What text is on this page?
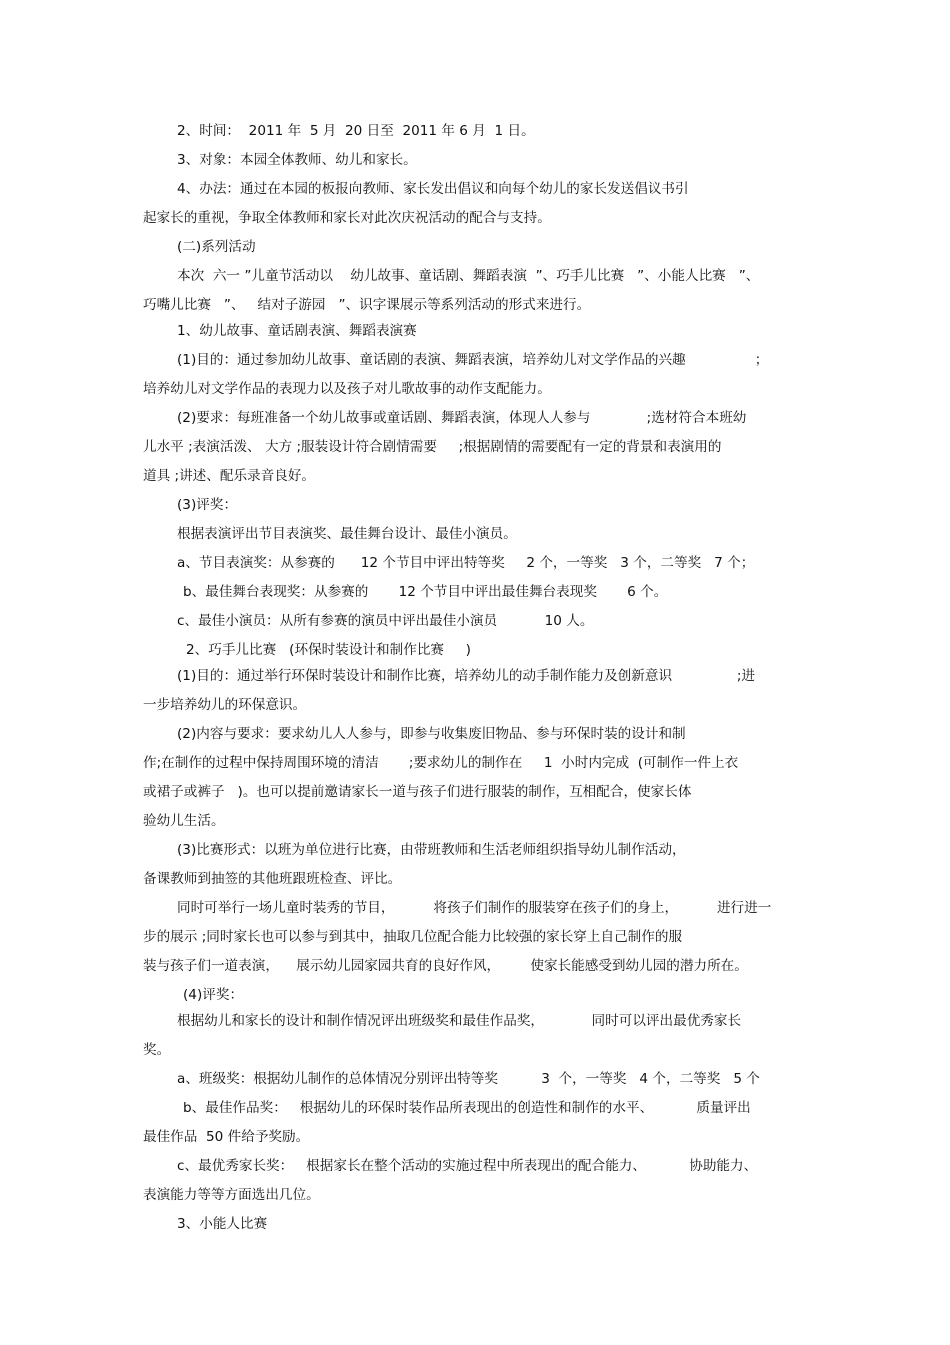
2、时间：  2011 年  5 月  20 日至  2011 年 6 月  1 日。
3、对象：本园全体教师、幼儿和家长。
4、办法：通过在本园的板报向教师、家长发出倡议和向每个幼儿的家长发送倡议书引
起家长的重视，争取全体教师和家长对此次庆祝活动的配合与支持。
(二)系列活动
本次  六一 ”儿童节活动以    幼儿故事、童话剧、舞蹈表演  ”、巧手儿比赛   ”、小能人比赛   ”、
巧嘴儿比赛   ”、   结对子游园   ”、识字课展示等系列活动的形式来进行。
1、幼儿故事、童话剧表演、舞蹈表演赛
(1)目的：通过参加幼儿故事、童话剧的表演、舞蹈表演，培养幼儿对文学作品的兴趣                ；
培养幼儿对文学作品的表现力以及孩子对儿歌故事的动作支配能力。
(2)要求：每班准备一个幼儿故事或童话剧、舞蹈表演，体现人人参与             ;选材符合本班幼
儿水平 ;表演活泼、 大方 ;服装设计符合剧情需要     ;根据剧情的需要配有一定的背景和表演用的
道具 ;讲述、配乐录音良好。
(3)评奖：
根据表演评出节目表演奖、最佳舞台设计、最佳小演员。
a、节目表演奖：从参赛的      12 个节目中评出特等奖     2 个，一等奖   3 个，二等奖   7 个；
b、最佳舞台表现奖：从参赛的       12 个节目中评出最佳舞台表现奖       6 个。
c、最佳小演员：从所有参赛的演员中评出最佳小演员           10 人。
2、巧手儿比赛   (环保时装设计和制作比赛     )
(1)目的：通过举行环保时装设计和制作比赛，培养幼儿的动手制作能力及创新意识               ;进
一步培养幼儿的环保意识。
(2)内容与要求：要求幼儿人人参与，即参与收集废旧物品、参与环保时装的设计和制
作;在制作的过程中保持周围环境的清洁       ;要求幼儿的制作在     1  小时内完成  (可制作一件上衣
或裙子或裤子   )。也可以提前邀请家长一道与孩子们进行服装的制作，互相配合，使家长体
验幼儿生活。
(3)比赛形式：以班为单位进行比赛，由带班教师和生活老师组织指导幼儿制作活动，
备课教师到抽签的其他班跟班检查、评比。
同时可举行一场儿童时装秀的节目，         将孩子们制作的服装穿在孩子们的身上，         进行进一
步的展示 ;同时家长也可以参与到其中，抽取几位配合能力比较强的家长穿上自己制作的服
装与孩子们一道表演，    展示幼儿园家园共育的良好作风，       使家长能感受到幼儿园的潜力所在。
(4)评奖：
根据幼儿和家长的设计和制作情况评出班级奖和最佳作品奖，           同时可以评出最优秀家长
奖。
a、班级奖：根据幼儿制作的总体情况分别评出特等奖          3  个，一等奖   4 个，二等奖   5 个
b、最佳作品奖：   根据幼儿的环保时装作品所表现出的创造性和制作的水平、          质量评出
最佳作品  50 件给予奖励。
c、最优秀家长奖：   根据家长在整个活动的实施过程中所表现出的配合能力、          协助能力、
表演能力等等方面选出几位。
3、小能人比赛
